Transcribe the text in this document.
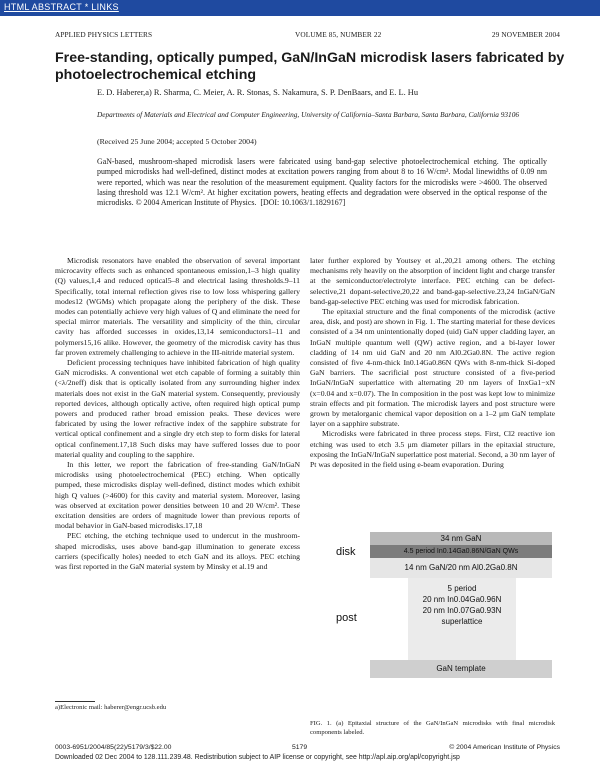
HTML ABSTRACT * LINKS
APPLIED PHYSICS LETTERS	VOLUME 85, NUMBER 22	29 NOVEMBER 2004
Free-standing, optically pumped, GaN/InGaN microdisk lasers fabricated by photoelectrochemical etching
E. D. Haberer,a) R. Sharma, C. Meier, A. R. Stonas, S. Nakamura, S. P. DenBaars, and E. L. Hu
Departments of Materials and Electrical and Computer Engineering, University of California–Santa Barbara, Santa Barbara, California 93106
(Received 25 June 2004; accepted 5 October 2004)
GaN-based, mushroom-shaped microdisk lasers were fabricated using band-gap selective photoelectrochemical etching. The optically pumped microdisks had well-defined, distinct modes at excitation powers ranging from about 8 to 16 W/cm². Modal linewidths of 0.09 nm were reported, which was near the resolution of the measurement equipment. Quality factors for the microdisks were >4600. The observed lasing threshold was 12.1 W/cm². At higher excitation powers, heating effects and degradation were observed in the optical response of the microdisks. © 2004 American Institute of Physics. [DOI: 10.1063/1.1829167]

Microdisk resonators have enabled the observation of several important microcavity effects such as enhanced spontaneous emission,1–3 high quality (Q) values,1,4 and reduced optical5–8 and electrical lasing thresholds.9–11 Specifically, total internal reflection gives rise to low loss whispering gallery modes12 (WGMs) which propagate along the periphery of the disk. These modes can potentially achieve very high values of Q and eliminate the need for special mirror materials. The versatility and simplicity of the thin, circular cavity has afforded successes in oxides,13,14 semiconductors1–11 and polymers15,16 alike. However, the geometry of the microdisk cavity has thus far proven extremely challenging to achieve in the III-nitride material system.

Deficient processing techniques have inhibited fabrication of high quality GaN microdisks. A conventional wet etch capable of forming a suitably thin (<λ/2neff) disk that is optically isolated from any surrounding higher index materials does not exist in the GaN material system. Consequently, previously reported devices, although optically active, often required high optical pump powers and produced rather broad emission peaks. These devices were fabricated by using the lower refractive index of the sapphire substrate for vertical optical confinement and a single dry etch step to form disks for lateral optical confinement.17,18 Such disks may have suffered losses due to poor material quality and coupling to the sapphire.

In this letter, we report the fabrication of free-standing GaN/InGaN microdisks using photoelectrochemical (PEC) etching. When optically pumped, these microdisks display well-defined, distinct modes which exhibit high Q values (>4600) for this cavity and material system. Moreover, lasing was observed at excitation power densities between 10 and 20 W/cm². These excitation densities are orders of magnitude lower than previous reports of modal behavior in GaN-based microdisks.17,18

PEC etching, the etching technique used to undercut in the mushroom-shaped microdisks, uses above band-gap illumination to generate excess carriers (specifically holes) needed to etch GaN and its alloys. PEC etching was first reported in the GaN material system by Minsky et al.19 and

later further explored by Youtsey et al.,20,21 among others. The etching mechanisms rely heavily on the absorption of incident light and charge transfer at the semiconductor/electrolyte interface. PEC etching can be defect-selective,21 dopant-selective,20,22 and band-gap-selective.23,24 InGaN/GaN band-gap-selective PEC etching was used for microdisk fabrication.

The epitaxial structure and the final components of the microdisk (active area, disk, and post) are shown in Fig. 1. The starting material for these devices consisted of a 34 nm unintentionally doped (uid) GaN upper cladding layer, an InGaN multiple quantum well (QW) active region, and a bi-layer lower cladding of 14 nm uid GaN and 20 nm Al0.2Ga0.8N. The active region consisted of five 4-nm-thick In0.14Ga0.86N QWs with 8-nm-thick Si-doped GaN barriers. The sacrificial post structure consisted of a five-period InGaN/InGaN superlattice with alternating 20 nm layers of InxGa1−xN (x=0.04 and x=0.07). The In composition in the post was kept low to minimize strain effects and pit formation. The microdisk layers and post structure were grown by metalorganic chemical vapor deposition on a 1–2 μm GaN template layer on a sapphire substrate.

Microdisks were fabricated in three process steps. First, Cl2 reactive ion etching was used to etch 3.5 μm diameter pillars in the epitaxial structure, exposing the InGaN/InGaN superlattice post material. Second, a 30 nm layer of Pt was deposited in the field using e-beam evaporation. During

disk
post
34 nm GaN
4.5 period In0.14Ga0.86N/GaN QWs
14 nm GaN/20 nm Al0.2Ga0.8N
5 period
20 nm In0.04Ga0.96N
20 nm In0.07Ga0.93N
superlattice
GaN template
FIG. 1. (a) Epitaxial structure of the GaN/InGaN microdisks with final microdisk components labeled.
a)Electronic mail: haberer@engr.ucsb.edu
0003-6951/2004/85(22)/5179/3/$22.00	5179	© 2004 American Institute of Physics
Downloaded 02 Dec 2004 to 128.111.239.48. Redistribution subject to AIP license or copyright, see http://apl.aip.org/apl/copyright.jsp
